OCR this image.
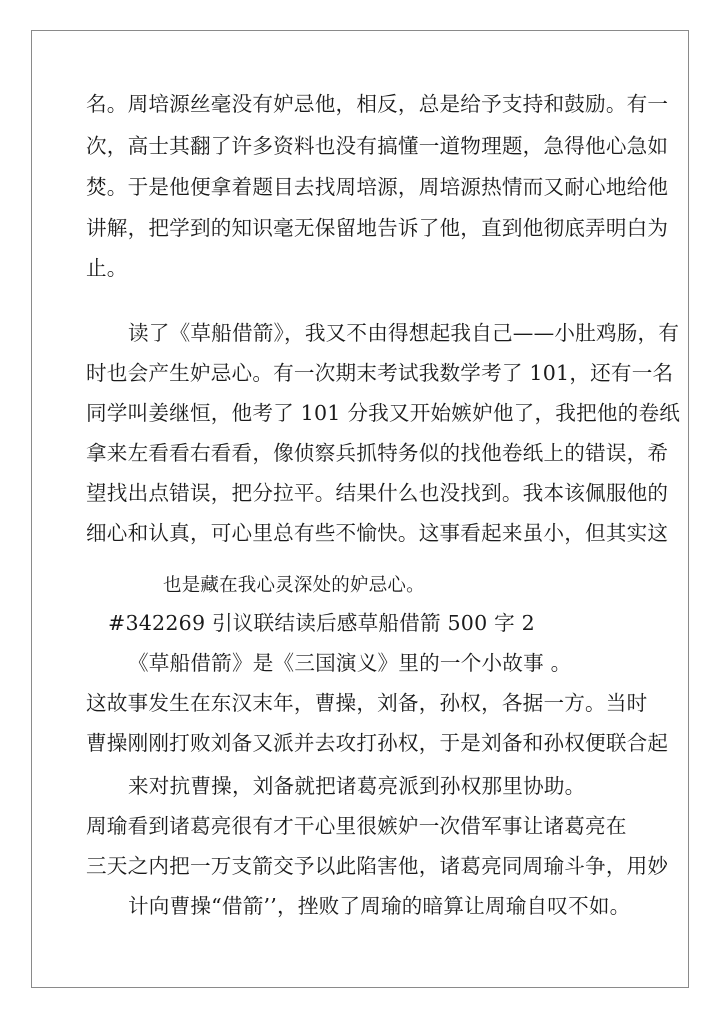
名。周培源丝毫没有妒忌他，相反，总是给予支持和鼓励。有一
次，高士其翻了许多资料也没有搞懂一道物理题，急得他心急如
焚。于是他便拿着题目去找周培源，周培源热情而又耐心地给他
讲解，把学到的知识毫无保留地告诉了他，直到他彻底弄明白为
止。
读了《草船借箭》，我又不由得想起我自己——小肚鸡肠，有
时也会产生妒忌心。有一次期末考试我数学考了 101，还有一名
同学叫姜继恒，他考了 101 分我又开始嫉妒他了，我把他的卷纸
拿来左看看右看看，像侦察兵抓特务似的找他卷纸上的错误，希
望找出点错误，把分拉平。结果什么也没找到。我本该佩服他的
细心和认真，可心里总有些不愉快。这事看起来虽小，但其实这
也是藏在我心灵深处的妒忌心。
#342269 引议联结读后感草船借箭 500 字 2
《草船借箭》是《三国演义》里的一个小故事 。
这故事发生在东汉末年，曹操，刘备，孙权，各据一方。当时
曹操刚刚打败刘备又派并去攻打孙权，于是刘备和孙权便联合起
来对抗曹操，刘备就把诸葛亮派到孙权那里协助。
周瑜看到诸葛亮很有才干心里很嫉妒一次借军事让诸葛亮在
三天之内把一万支箭交予以此陷害他，诸葛亮同周瑜斗争，用妙
计向曹操“借箭’’，挫败了周瑜的暗算让周瑜自叹不如。
